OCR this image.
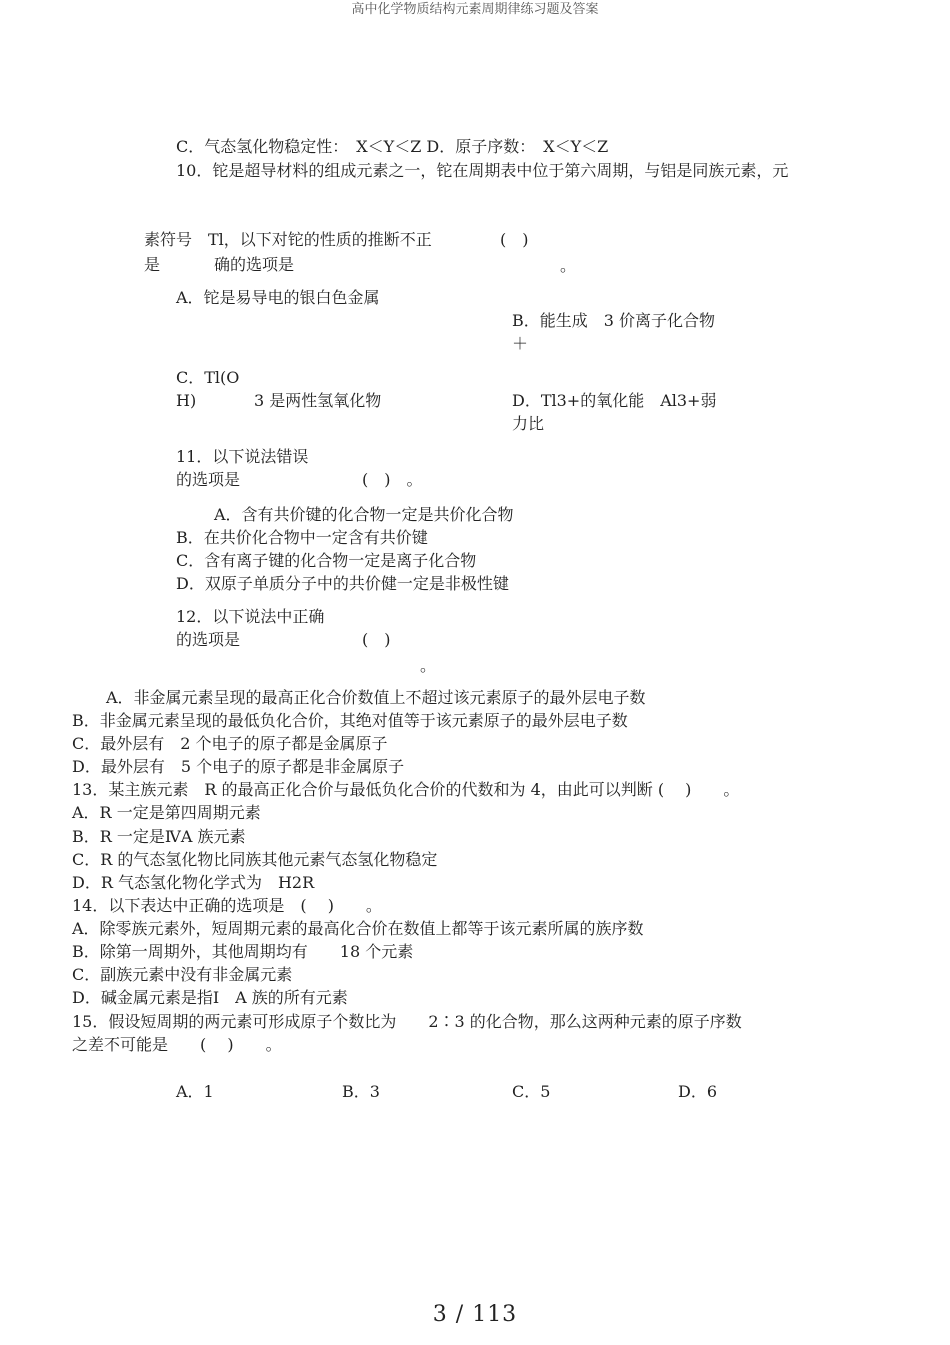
高中化学物质结构元素周期律练习题及答案
C．气态氢化物稳定性：　X＜Y＜Z D．原子序数：　X＜Y＜Z
10．铊是超导材料的组成元素之一，铊在周期表中位于第六周期，与铝是同族元素，元
素符号　Tl，以下对铊的性质的推断不正	(　)
是	确的选项是	。
A．铊是易导电的银白色金属
B．能生成　3 价离子化合物
＋
C．Tl(O
H)	3 是两性氢氧化物	D．Tl3+的氧化能　Al3+弱
力比
11．以下说法错误
的选项是	(　)　。
A．含有共价键的化合物一定是共价化合物
B．在共价化合物中一定含有共价键
C．含有离子键的化合物一定是离子化合物
D．双原子单质分子中的共价健一定是非极性键
12．以下说法中正确
的选项是	(　)
。
A．非金属元素呈现的最高正化合价数值上不超过该元素原子的最外层电子数
B．非金属元素呈现的最低负化合价，其绝对值等于该元素原子的最外层电子数
C．最外层有　2 个电子的原子都是金属原子
D．最外层有　5 个电子的原子都是非金属原子
13．某主族元素　R 的最高正化合价与最低负化合价的代数和为 4，由此可以判断 (　 )　　。
A．R 一定是第四周期元素
B．R 一定是ⅣA 族元素
C．R 的气态氢化物比同族其他元素气态氢化物稳定
D．R 气态氢化物化学式为　H2R
14．以下表达中正确的选项是　(　 )　　。
A．除零族元素外，短周期元素的最高化合价在数值上都等于该元素所属的族序数
B．除第一周期外，其他周期均有　　18 个元素
C．副族元素中没有非金属元素
D．碱金属元素是指Ⅰ　A 族的所有元素
15．假设短周期的两元素可形成原子个数比为　　2∶3 的化合物，那么这两种元素的原子序数
之差不可能是　　(　 )　　。
A．1	B．3	C．5	D．6
3 / 113
